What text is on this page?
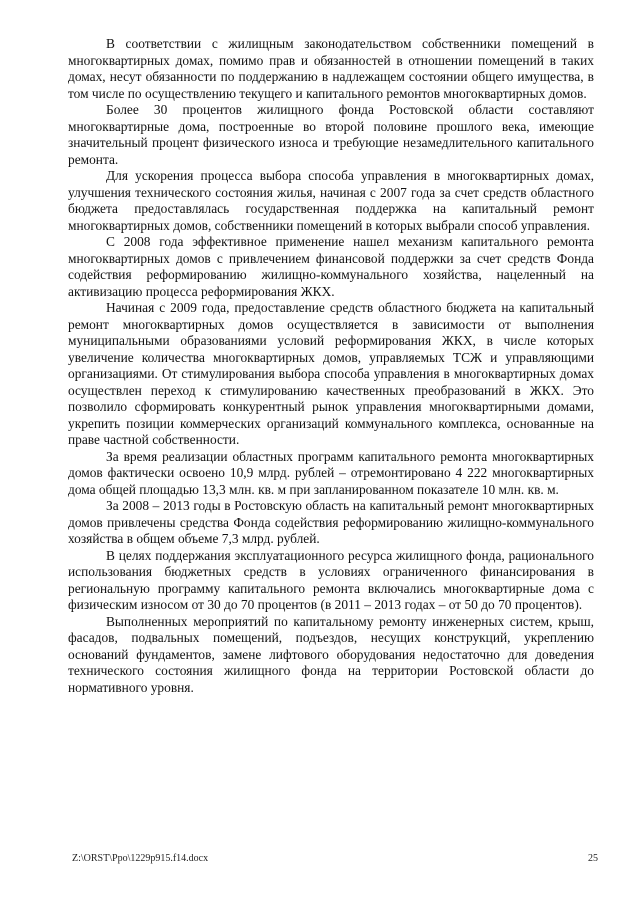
В соответствии с жилищным законодательством собственники помещений в многоквартирных домах, помимо прав и обязанностей в отношении помещений в таких домах, несут обязанности по поддержанию в надлежащем состоянии общего имущества, в том числе по осуществлению текущего и капитального ремонтов многоквартирных домов.

Более 30 процентов жилищного фонда Ростовской области составляют многоквартирные дома, построенные во второй половине прошлого века, имеющие значительный процент физического износа и требующие незамедлительного капитального ремонта.

Для ускорения процесса выбора способа управления в многоквартирных домах, улучшения технического состояния жилья, начиная с 2007 года за счет средств областного бюджета предоставлялась государственная поддержка на капитальный ремонт многоквартирных домов, собственники помещений в которых выбрали способ управления.

С 2008 года эффективное применение нашел механизм капитального ремонта многоквартирных домов с привлечением финансовой поддержки за счет средств Фонда содействия реформированию жилищно-коммунального хозяйства, нацеленный на активизацию процесса реформирования ЖКХ.

Начиная с 2009 года, предоставление средств областного бюджета на капитальный ремонт многоквартирных домов осуществляется в зависимости от выполнения муниципальными образованиями условий реформирования ЖКХ, в числе которых увеличение количества многоквартирных домов, управляемых ТСЖ и управляющими организациями. От стимулирования выбора способа управления в многоквартирных домах осуществлен переход к стимулированию качественных преобразований в ЖКХ. Это позволило сформировать конкурентный рынок управления многоквартирными домами, укрепить позиции коммерческих организаций коммунального комплекса, основанные на праве частной собственности.

За время реализации областных программ капитального ремонта многоквартирных домов фактически освоено 10,9 млрд. рублей – отремонтировано 4 222 многоквартирных дома общей площадью 13,3 млн. кв. м при запланированном показателе 10 млн. кв. м.

За 2008 – 2013 годы в Ростовскую область на капитальный ремонт многоквартирных домов привлечены средства Фонда содействия реформированию жилищно-коммунального хозяйства в общем объеме 7,3 млрд. рублей.

В целях поддержания эксплуатационного ресурса жилищного фонда, рационального использования бюджетных средств в условиях ограниченного финансирования в региональную программу капитального ремонта включались многоквартирные дома с физическим износом от 30 до 70 процентов (в 2011 – 2013 годах – от 50 до 70 процентов).

Выполненных мероприятий по капитальному ремонту инженерных систем, крыш, фасадов, подвальных помещений, подъездов, несущих конструкций, укреплению оснований фундаментов, замене лифтового оборудования недостаточно для доведения технического состояния жилищного фонда на территории Ростовской области до нормативного уровня.

Z:\ORST\Ppo\1229p915.f14.docx	25
